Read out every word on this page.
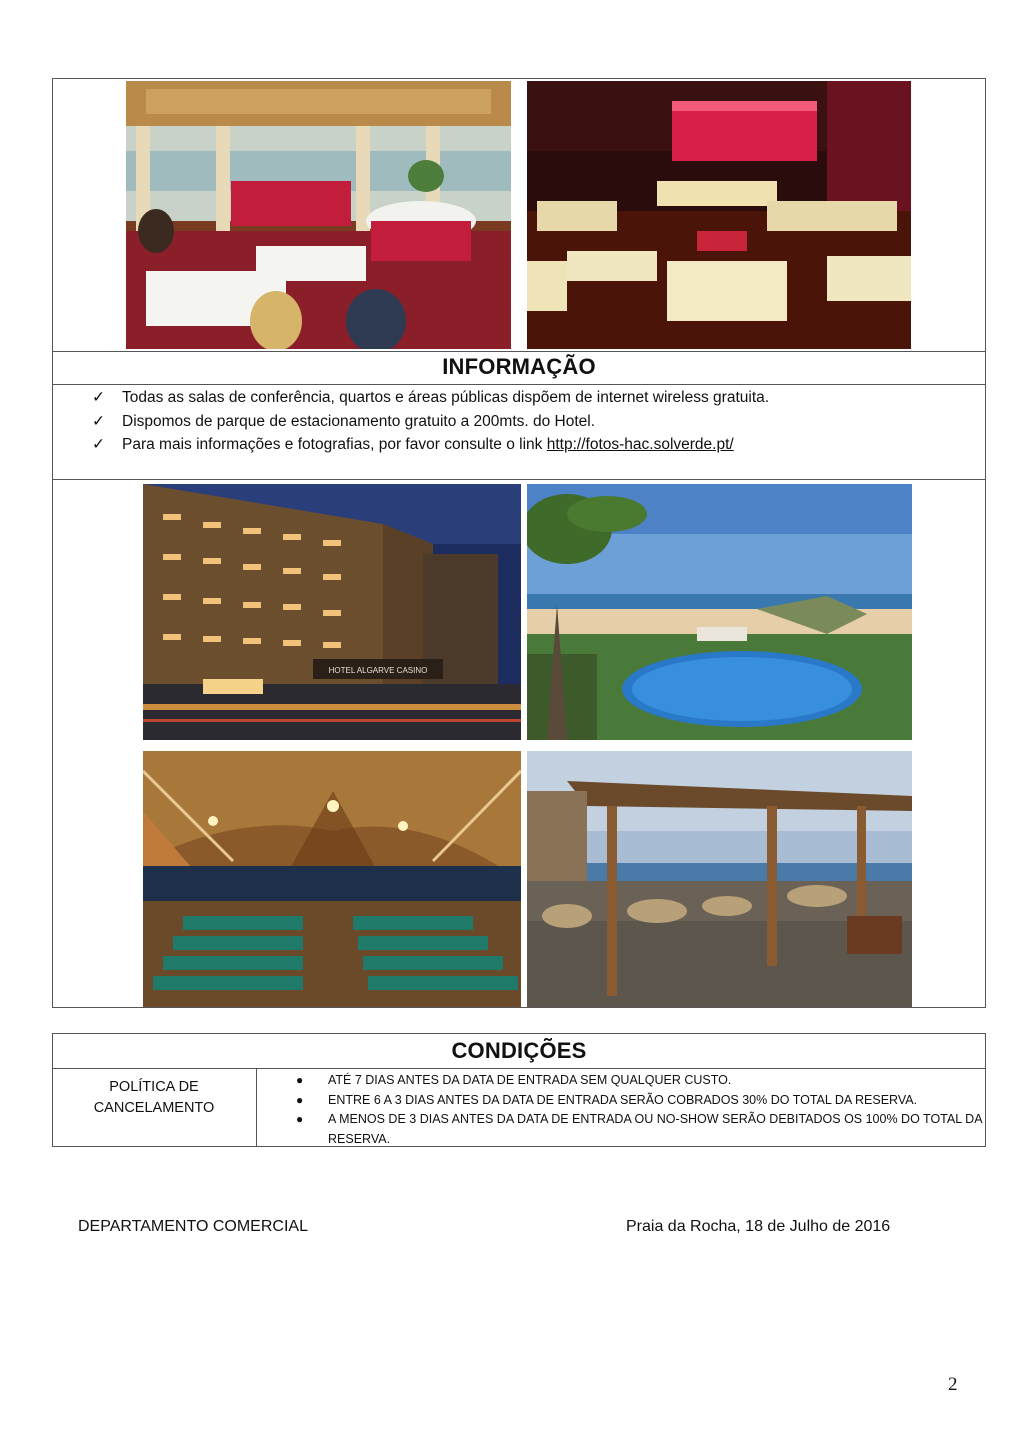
INFORMAÇÃO
✓ Todas as salas de conferência, quartos e áreas públicas dispõem de internet wireless gratuita.
✓ Dispomos de parque de estacionamento gratuito a 200mts. do Hotel.
✓ Para mais informações e fotografias, por favor consulte o link http://fotos-hac.solverde.pt/
HOTEL ALGARVE CASINO
CONDIÇÕES
POLÍTICA DE
CANCELAMENTO
● ATÉ 7 DIAS ANTES DA DATA DE ENTRADA SEM QUALQUER CUSTO.
● ENTRE 6 A 3 DIAS ANTES DA DATA DE ENTRADA SERÃO COBRADOS 30% DO TOTAL DA RESERVA.
● A MENOS DE 3 DIAS ANTES DA DATA DE ENTRADA OU NO-SHOW SERÃO DEBITADOS OS 100% DO TOTAL DA RESERVA.
DEPARTAMENTO COMERCIAL	Praia da Rocha, 18 de Julho de 2016
2
